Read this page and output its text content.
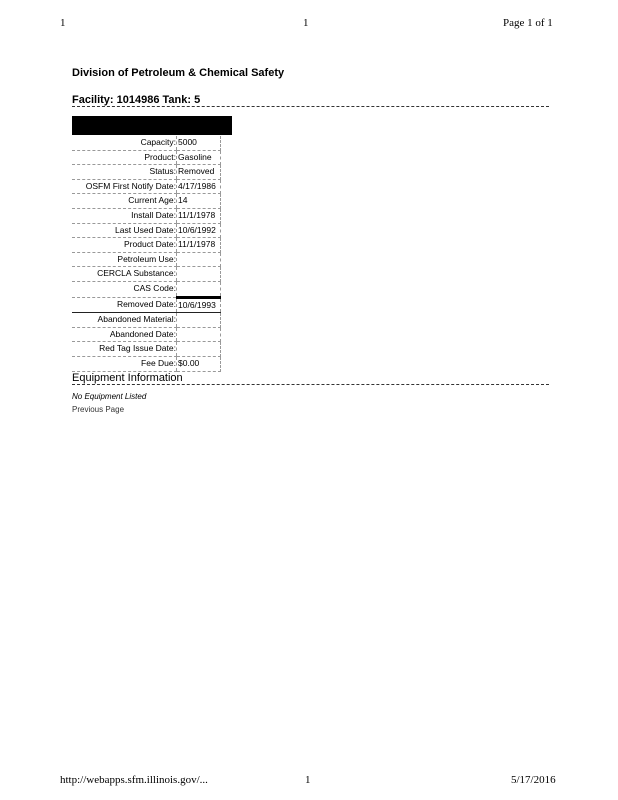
1	1	Page 1 of 1
Division of Petroleum & Chemical Safety
Facility: 1014986 Tank: 5
Capacity:	5000
Product:	Gasoline
Status:	Removed
OSFM First Notify Date:	4/17/1986
Current Age:	14
Install Date:	11/1/1978
Last Used Date:	10/6/1992
Product Date:	11/1/1978
Petroleum Use:	
CERCLA Substance:	
CAS Code:	
Removed Date:	10/6/1993
Abandoned Material:	
Abandoned Date:	
Red Tag Issue Date:	
Fee Due:	$0.00
Equipment Information
No Equipment Listed
Previous Page
http://webapps.sfm.illinois.gov/...	1	5/17/2016
